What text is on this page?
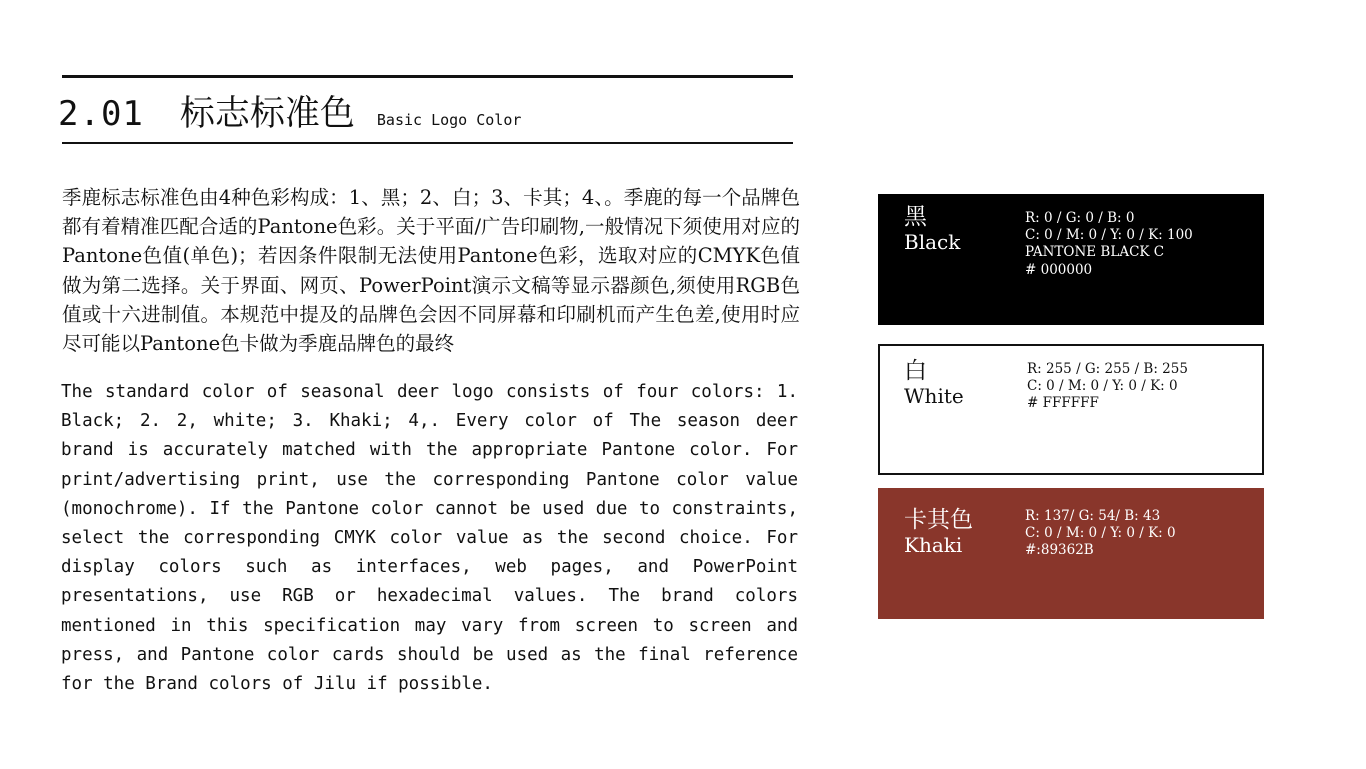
2.01 标志标准色 Basic Logo Color

季鹿标志标准色由4种色彩构成：1、黑；2、白；3、卡其；4、。季鹿的每一个品牌色都有着精准匹配合适的Pantone色彩。关于平面/广告印刷物,一般情况下须使用对应的Pantone色值(单色)；若因条件限制无法使用Pantone色彩，选取对应的CMYK色值做为第二选择。关于界面、网页、PowerPoint演示文稿等显示器颜色,须使用RGB色值或十六进制值。本规范中提及的品牌色会因不同屏幕和印刷机而产生色差,使用时应尽可能以Pantone色卡做为季鹿品牌色的最终

The standard color of seasonal deer logo consists of four colors: 1. Black; 2. 2, white; 3. Khaki; 4,. Every color of The season deer brand is accurately matched with the appropriate Pantone color. For print/advertising print, use the corresponding Pantone color value (monochrome). If the Pantone color cannot be used due to constraints, select the corresponding CMYK color value as the second choice. For display colors such as interfaces, web pages, and PowerPoint presentations, use RGB or hexadecimal values. The brand colors mentioned in this specification may vary from screen to screen and press, and Pantone color cards should be used as the final reference for the Brand colors of Jilu if possible.

黑
Black
R: 0 / G: 0 / B: 0
C: 0 / M: 0 / Y: 0 / K: 100
PANTONE BLACK C
# 000000
白
White
R: 255 / G: 255 / B: 255
C: 0 / M: 0 / Y: 0 / K: 0
# FFFFFF
卡其色
Khaki
R: 137/ G: 54/ B: 43
C: 0 / M: 0 / Y: 0 / K: 0
#:89362B
